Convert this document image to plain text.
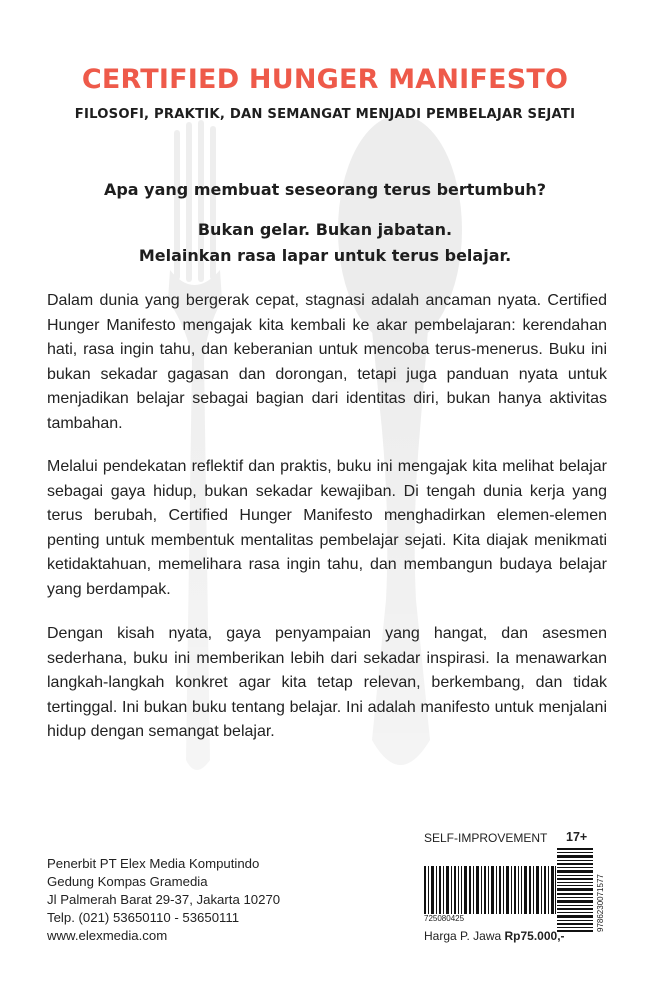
CERTIFIED HUNGER MANIFESTO
FILOSOFI, PRAKTIK, DAN SEMANGAT MENJADI PEMBELAJAR SEJATI
Apa yang membuat seseorang terus bertumbuh?
Bukan gelar. Bukan jabatan.
Melainkan rasa lapar untuk terus belajar.

Dalam dunia yang bergerak cepat, stagnasi adalah ancaman nyata. Certified Hunger Manifesto mengajak kita kembali ke akar pembelajaran: kerendahan hati, rasa ingin tahu, dan keberanian untuk mencoba terus-menerus. Buku ini bukan sekadar gagasan dan dorongan, tetapi juga panduan nyata untuk menjadikan belajar sebagai bagian dari identitas diri, bukan hanya aktivitas tambahan.

Melalui pendekatan reflektif dan praktis, buku ini mengajak kita melihat belajar sebagai gaya hidup, bukan sekadar kewajiban. Di tengah dunia kerja yang terus berubah, Certified Hunger Manifesto menghadirkan elemen-elemen penting untuk membentuk mentalitas pembelajar sejati. Kita diajak menikmati ketidaktahuan, memelihara rasa ingin tahu, dan membangun budaya belajar yang berdampak.

Dengan kisah nyata, gaya penyampaian yang hangat, dan asesmen sederhana, buku ini memberikan lebih dari sekadar inspirasi. Ia menawarkan langkah-langkah konkret agar kita tetap relevan, berkembang, dan tidak tertinggal. Ini bukan buku tentang belajar. Ini adalah manifesto untuk menjalani hidup dengan semangat belajar.

Penerbit PT Elex Media Komputindo
Gedung Kompas Gramedia
Jl Palmerah Barat 29-37, Jakarta 10270
Telp. (021) 53650110 - 53650111
www.elexmedia.com
SELF-IMPROVEMENT 17+
725080425	9786230071577
Harga P. Jawa Rp75.000,-
